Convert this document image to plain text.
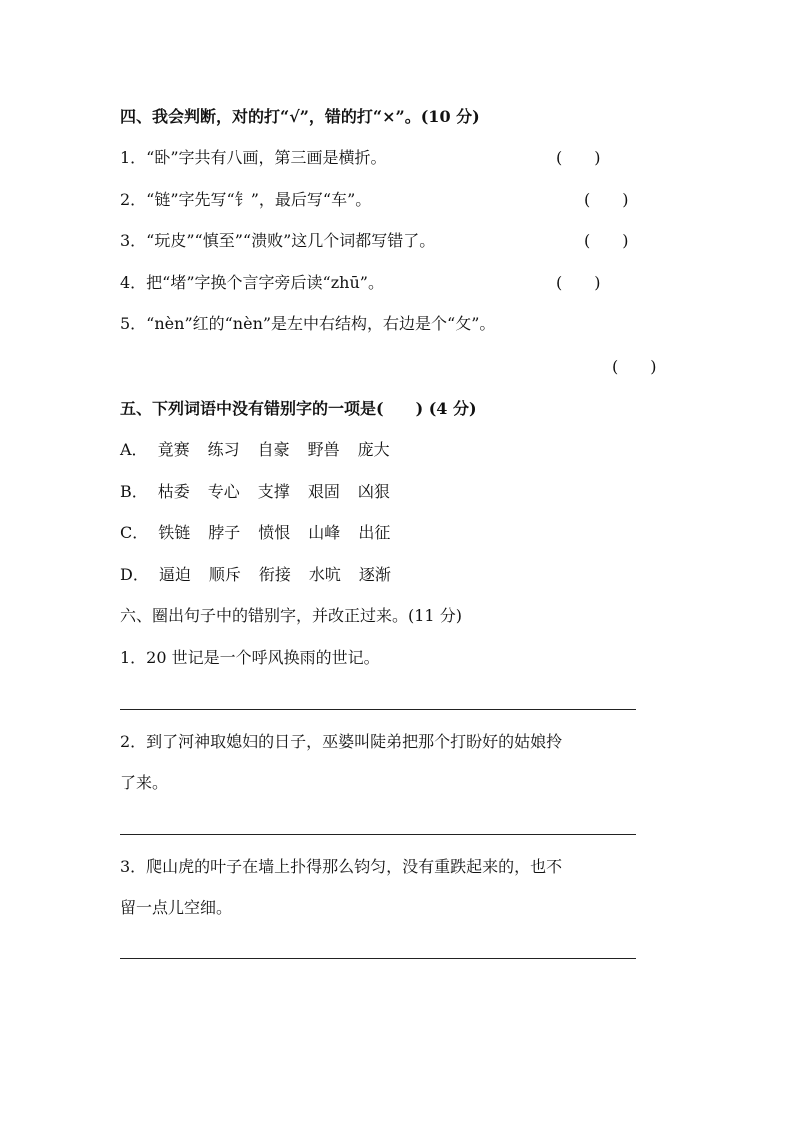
四、我会判断，对的打“√”，错的打“×”。(10 分)
1．“卧”字共有八画，第三画是横折。	(　　)
2．“链”字先写“钅”，最后写“车”。	(　　)
3．“玩皮”“慎至”“溃败”这几个词都写错了。	(　　)
4．把“堵”字换个言字旁后读“zhū”。	(　　)
5．“nèn”红的“nèn”是左中右结构，右边是个“攵”。
(　　)
五、下列词语中没有错别字的一项是(　　) (4 分)
A． 竟赛 练习 自豪 野兽 庞大
B． 枯委 专心 支撑 艰固 凶狠
C． 铁链 脖子 愤恨 山峰 出征
D． 逼迫 顺斥 衔接 水吭 逐渐
六、圈出句子中的错别字，并改正过来。(11 分)
1．20 世记是一个呼风换雨的世记。
2．到了河神取媳妇的日子，巫婆叫陡弟把那个打盼好的姑娘拎
了来。
3．爬山虎的叶子在墙上扑得那么钧匀，没有重跌起来的，也不
留一点儿空细。
